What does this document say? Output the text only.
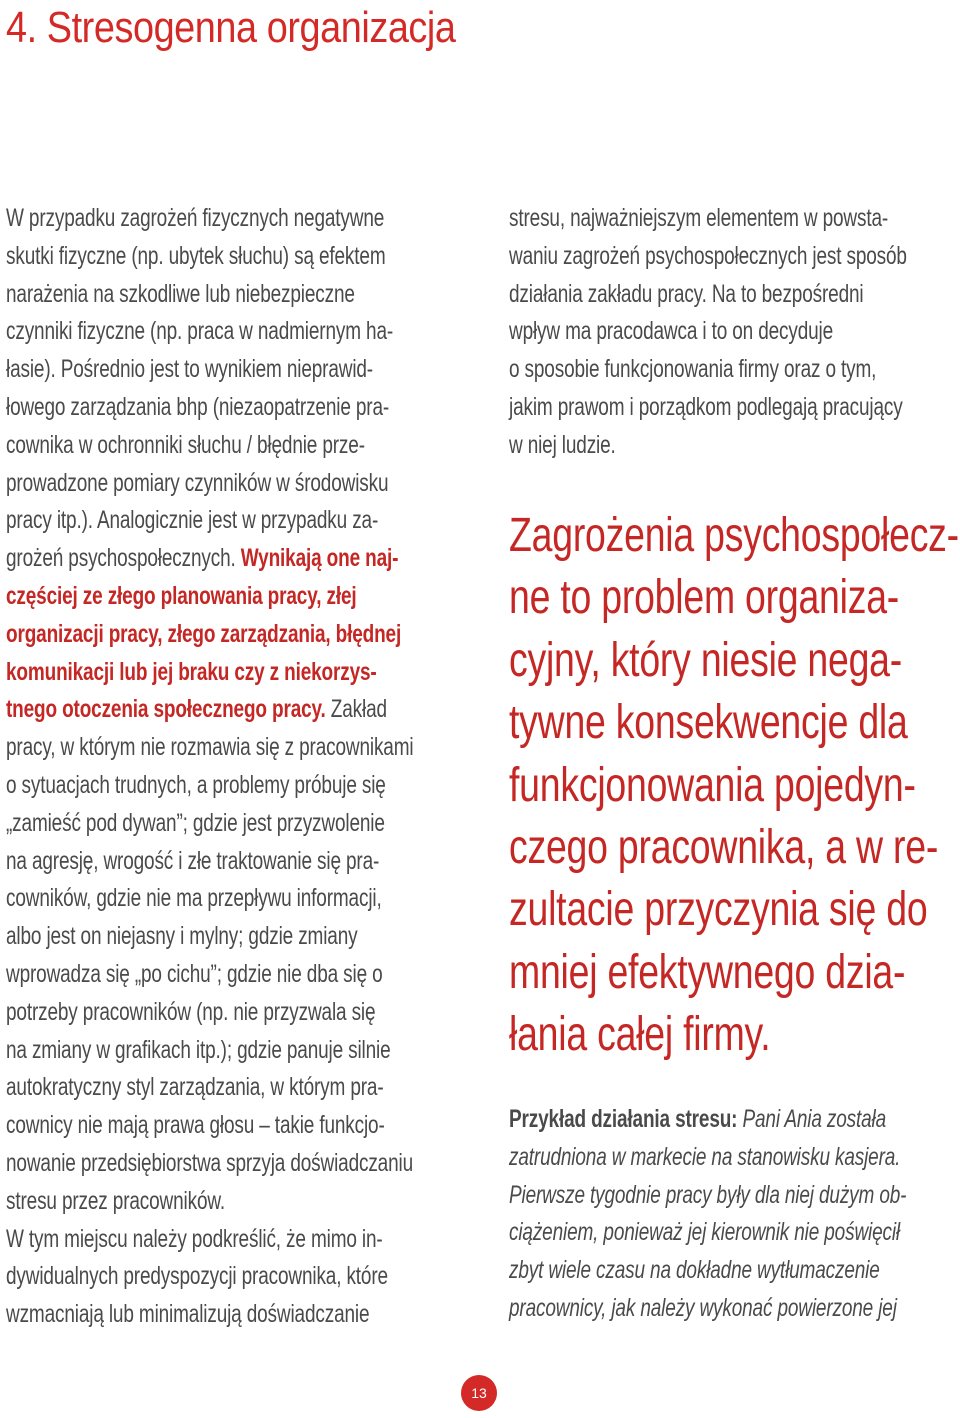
4. Stresogenna organizacja
W przypadku zagrożeń fizycznych negatywne
skutki fizyczne (np. ubytek słuchu) są efektem
narażenia na szkodliwe lub niebezpieczne
czynniki fizyczne (np. praca w nadmiernym ha-
łasie). Pośrednio jest to wynikiem nieprawid-
łowego zarządzania bhp (niezaopatrzenie pra-
cownika w ochronniki słuchu / błędnie prze-
prowadzone pomiary czynników w środowisku
pracy itp.). Analogicznie jest w przypadku za-
grożeń psychospołecznych. Wynikają one naj-
częściej ze złego planowania pracy, złej
organizacji pracy, złego zarządzania, błędnej
komunikacji lub jej braku czy z niekorzys-
tnego otoczenia społecznego pracy. Zakład
pracy, w którym nie rozmawia się z pracownikami
o sytuacjach trudnych, a problemy próbuje się
„zamieść pod dywan”; gdzie jest przyzwolenie
na agresję, wrogość i złe traktowanie się pra-
cowników, gdzie nie ma przepływu informacji,
albo jest on niejasny i mylny; gdzie zmiany
wprowadza się „po cichu”; gdzie nie dba się o
potrzeby pracowników (np. nie przyzwala się
na zmiany w grafikach itp.); gdzie panuje silnie
autokratyczny styl zarządzania, w którym pra-
cownicy nie mają prawa głosu – takie funkcjo-
nowanie przedsiębiorstwa sprzyja doświadczaniu
stresu przez pracowników.
W tym miejscu należy podkreślić, że mimo in-
dywidualnych predyspozycji pracownika, które
wzmacniają lub minimalizują doświadczanie
stresu, najważniejszym elementem w powsta-
waniu zagrożeń psychospołecznych jest sposób
działania zakładu pracy. Na to bezpośredni
wpływ ma pracodawca i to on decyduje
o sposobie funkcjonowania firmy oraz o tym,
jakim prawom i porządkom podlegają pracujący
w niej ludzie.
Zagrożenia psychospołecz-
ne to problem organiza-
cyjny, który niesie nega-
tywne konsekwencje dla
funkcjonowania pojedyn-
czego pracownika, a w re-
zultacie przyczynia się do
mniej efektywnego dzia-
łania całej firmy.
Przykład działania stresu: Pani Ania została
zatrudniona w markecie na stanowisku kasjera.
Pierwsze tygodnie pracy były dla niej dużym ob-
ciążeniem, ponieważ jej kierownik nie poświęcił
zbyt wiele czasu na dokładne wytłumaczenie
pracownicy, jak należy wykonać powierzone jej
13
